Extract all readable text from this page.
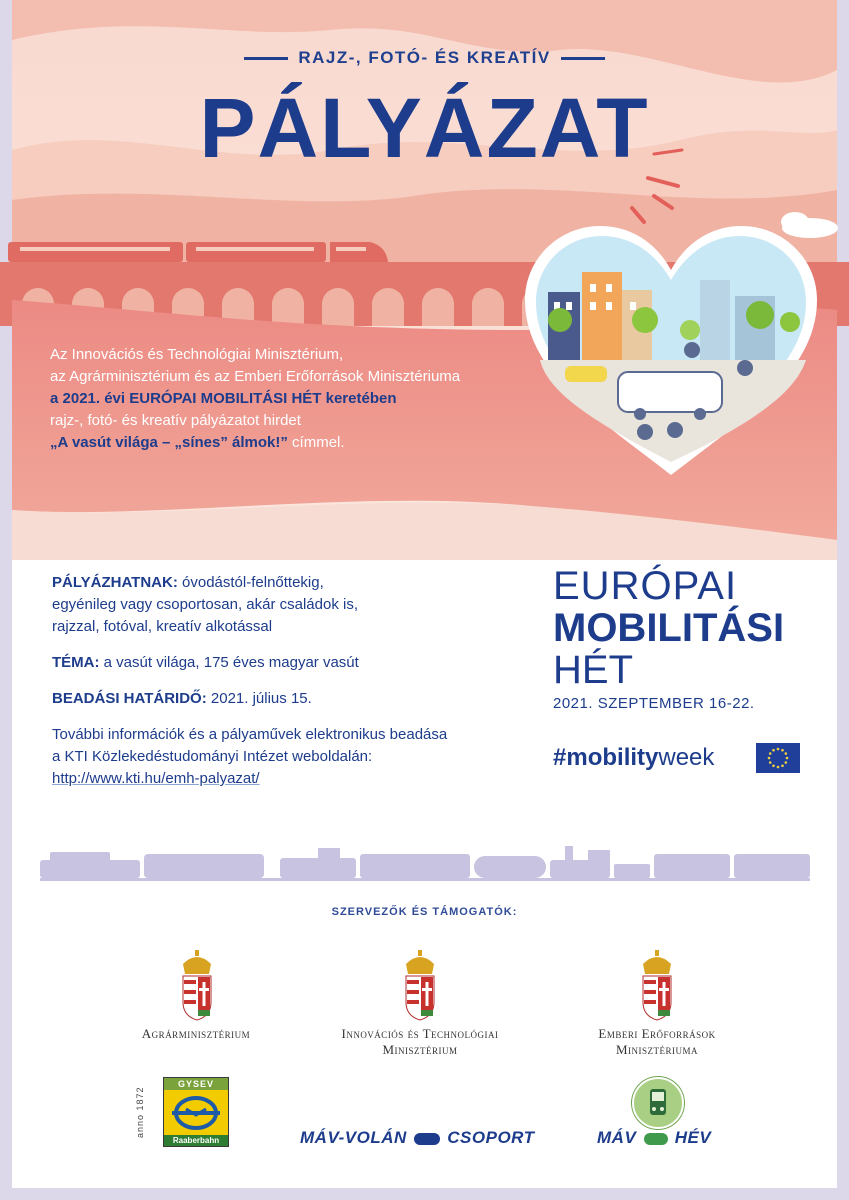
RAJZ-, FOTÓ- ÉS KREATÍV
PÁLYÁZAT
Az Innovációs és Technológiai Minisztérium,
az Agrárminisztérium és az Emberi Erőforrások Minisztériuma
a 2021. évi EURÓPAI MOBILITÁSI HÉT keretében
rajz-, fotó- és kreatív pályázatot hirdet
„A vasút világa – „sínes” álmok!” címmel.
PÁLYÁZHATNAK: óvodástól-felnőttekig,
egyénileg vagy csoportosan, akár családok is,
rajzzal, fotóval, kreatív alkotással
TÉMA: a vasút világa, 175 éves magyar vasút
BEADÁSI HATÁRIDŐ: 2021. július 15.
További információk és a pályaművek elektronikus beadása
a KTI Közlekedéstudományi Intézet weboldalán:
http://www.kti.hu/emh-palyazat/
EURÓPAI
MOBILITÁSI
HÉT
2021. SZEPTEMBER 16-22.
#mobilityweek
SZERVEZŐK ÉS TÁMOGATÓK:
Agrárminisztérium	Innovációs és Technológiai
Minisztérium
Emberi Erőforrások
Minisztériuma
anno 1872
GYSEV
Raaberbahn	MÁV-VOLÁN CSOPORT	MÁV HÉV
